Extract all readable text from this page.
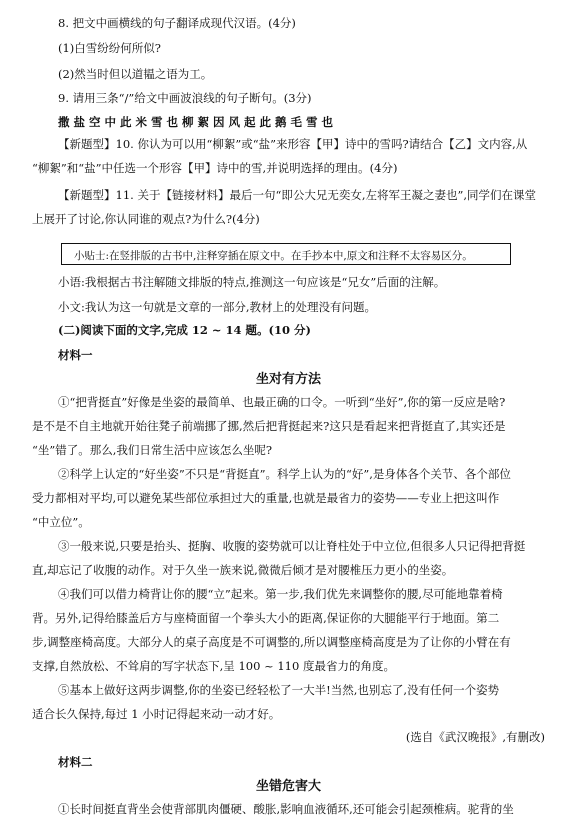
8. 把文中画横线的句子翻译成现代汉语。(4分)
(1)白雪纷纷何所似?
(2)然当时但以道韫之语为工。
9. 请用三条“/”给文中画波浪线的句子断句。(3分)
撒 盐 空 中 此 米 雪 也 柳 絮 因 风 起 此 鹅 毛 雪 也
【新题型】10. 你认为可以用“柳絮”或“盐”来形容【甲】诗中的雪吗?请结合【乙】文内容,从
“柳絮”和“盐”中任选一个形容【甲】诗中的雪,并说明选择的理由。(4分)
【新题型】11. 关于【链接材料】最后一句“即公大兄无奕女,左将军王凝之妻也”,同学们在课堂
上展开了讨论,你认同谁的观点?为什么?(4分)
小贴士:在竖排版的古书中,注释穿插在原文中。在手抄本中,原文和注释不太容易区分。
小语:我根据古书注解随文排版的特点,推测这一句应该是“兄女”后面的注解。
小文:我认为这一句就是文章的一部分,教材上的处理没有问题。
(二)阅读下面的文字,完成 12 ~ 14 题。(10 分)
材料一
坐对有方法
①“把背挺直”好像是坐姿的最简单、也最正确的口令。一听到“坐好”,你的第一反应是啥?
是不是不自主地就开始往凳子前端挪了挪,然后把背挺起来?这只是看起来把背挺直了,其实还是
“坐”错了。那么,我们日常生活中应该怎么坐呢?
②科学上认定的“好坐姿”不只是“背挺直”。科学上认为的“好”,是身体各个关节、各个部位
受力都相对平均,可以避免某些部位承担过大的重量,也就是最省力的姿势——专业上把这叫作
“中立位”。
③一般来说,只要是抬头、挺胸、收腹的姿势就可以让脊柱处于中立位,但很多人只记得把背挺
直,却忘记了收腹的动作。对于久坐一族来说,微微后倾才是对腰椎压力更小的坐姿。
④我们可以借力椅背让你的腰“立”起来。第一步,我们优先来调整你的腰,尽可能地靠着椅
背。另外,记得给膝盖后方与座椅面留一个拳头大小的距离,保证你的大腿能平行于地面。第二
步,调整座椅高度。大部分人的桌子高度是不可调整的,所以调整座椅高度是为了让你的小臂在有
支撑,自然放松、不耸肩的写字状态下,呈 100 ~ 110 度最省力的角度。
⑤基本上做好这两步调整,你的坐姿已经轻松了一大半!当然,也别忘了,没有任何一个姿势
适合长久保持,每过 1 小时记得起来动一动才好。
(选自《武汉晚报》,有删改)
材料二
坐错危害大
①长时间挺直背坐会使背部肌肉僵硬、酸胀,影响血液循环,还可能会引起颈椎病。驼背的坐
